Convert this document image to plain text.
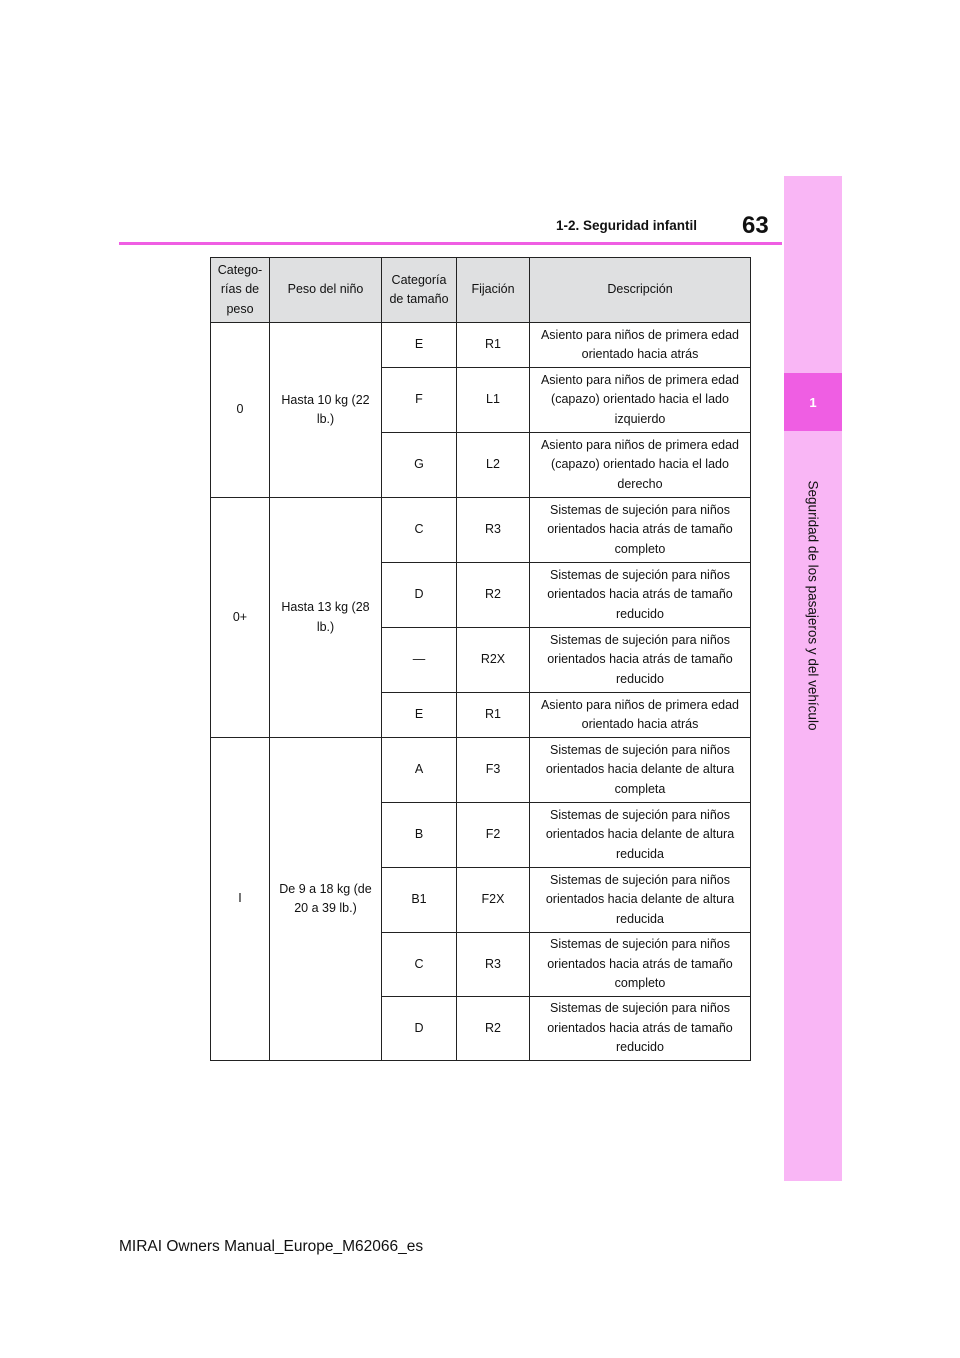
1
Seguridad de los pasajeros y del vehículo
1-2. Seguridad infantil 63
Catego-rías de peso	Peso del niño	Categoría de tamaño	Fijación	Descripción
0	Hasta 10 kg (22 lb.)	E	R1	Asiento para niños de primera edad orientado hacia atrás
		F	L1	Asiento para niños de primera edad (capazo) orientado hacia el lado izquierdo
		G	L2	Asiento para niños de primera edad (capazo) orientado hacia el lado derecho
0+	Hasta 13 kg (28 lb.)	C	R3	Sistemas de sujeción para niños orientados hacia atrás de tamaño completo
		D	R2	Sistemas de sujeción para niños orientados hacia atrás de tamaño reducido
		—	R2X	Sistemas de sujeción para niños orientados hacia atrás de tamaño reducido
		E	R1	Asiento para niños de primera edad orientado hacia atrás
I	De 9 a 18 kg (de 20 a 39 lb.)	A	F3	Sistemas de sujeción para niños orientados hacia delante de altura completa
		B	F2	Sistemas de sujeción para niños orientados hacia delante de altura reducida
		B1	F2X	Sistemas de sujeción para niños orientados hacia delante de altura reducida
		C	R3	Sistemas de sujeción para niños orientados hacia atrás de tamaño completo
		D	R2	Sistemas de sujeción para niños orientados hacia atrás de tamaño reducido
MIRAI Owners Manual_Europe_M62066_es
